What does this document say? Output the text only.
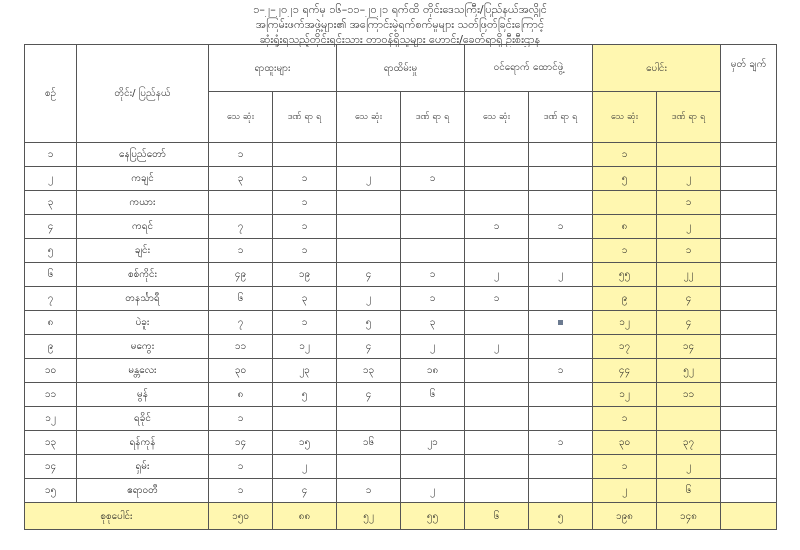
၁–၂–၂၀၂၁ ရက်မှ ၁၆–၁၁–၂၀၂၁ ရက်ထိ တိုင်းဒေသကြီး/ပြည်နယ်အလွိုင်
အကြမ်းဖက်အဖွဲ့များ၏ အကြောင်းမဲ့ရက်စက်မှုများ သတ်ဖြတ်ခြင်းကြောင့်
ဆုံးရှုံးရသည့်တိုင်းရင်းသား တာဝန်ရှိသူများ ဟောင်း/ခေတ်ရာရှိ ဦးစီးဌာန
စဉ်	တိုင်း/ ပြည်နယ်	ရာထူးများ		ရာထိမ်းမှု		ဝင်ရောက် ထောင်ဖွဲ့		ပေါင်း		မှတ် ချက်
		သေ ဆုံး	ဒဏ် ရာ ရ	သေ ဆုံး	ဒဏ် ရာ ရ	သေ ဆုံး	ဒဏ် ရာ ရ	သေ ဆုံး	ဒဏ် ရာ ရ	
၁	နေပြည်တော်	၁						၁		
၂	ကချင်	၃	၁	၂	၁			၅	၂	
၃	ကယား		၁						၁	
၄	ကရင်	၇	၁			၁	၁	၈	၂	
၅	ချင်း	၁	၁					၁	၁	
၆	စစ်ကိုင်း	၄၉	၁၉	၄	၁	၂	၂	၅၅	၂၂	
၇	တနင်္သာရီ	၆	၃	၂	၁	၁		၉	၄	
၈	ပဲခူး	၇	၁	၅	၃			၁၂	၄	
၉	မကွေး	၁၁	၁၂	၄	၂	၂		၁၇	၁၄	
၁၀	မန္တလေး	၃၀	၂၃	၁၃	၁၈		၁	၄၄	၅၂	
၁၁	မွန်	၈	၅	၄	၆			၁၂	၁၁	
၁၂	ရခိုင်	၁						၁		
၁၃	ရန်ကုန်	၁၄	၁၅	၁၆	၂၁		၁	၃၀	၃၇	
၁၄	ရှမ်း	၁	၂					၁	၂	
၁၅	ဧရာဝတီ	၁	၄	၁	၂			၂	၆	
စုစုပေါင်း		၁၅၀	၈၈	၅၂	၅၅	၆	၅	၁၉၈	၁၄၈	
